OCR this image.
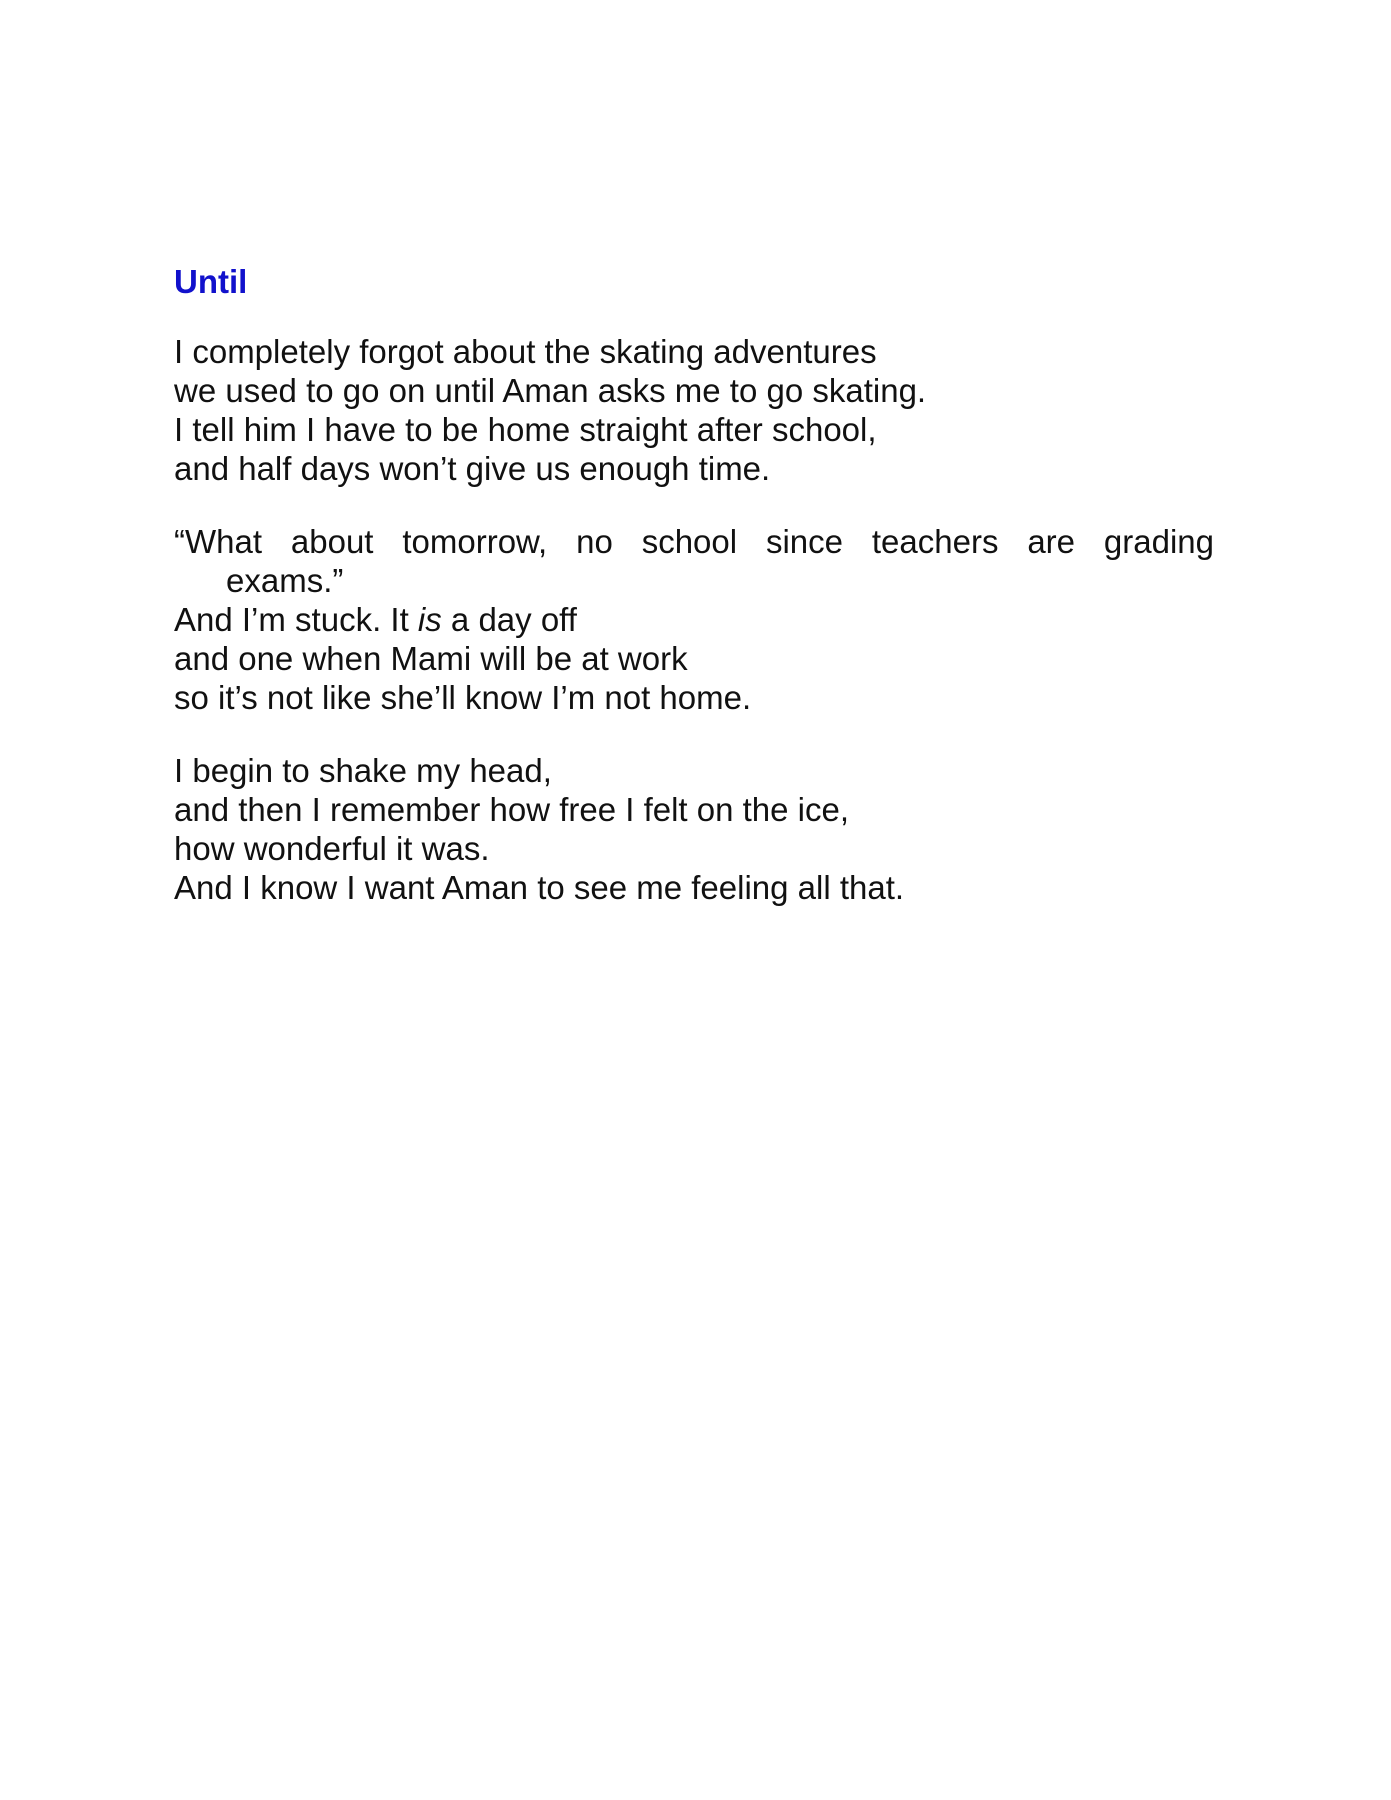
Until
I completely forgot about the skating adventures
we used to go on until Aman asks me to go skating.
I tell him I have to be home straight after school,
and half days won’t give us enough time.
“What about tomorrow, no school since teachers are grading
exams.”
And I’m stuck. It is a day off
and one when Mami will be at work
so it’s not like she’ll know I’m not home.
I begin to shake my head,
and then I remember how free I felt on the ice,
how wonderful it was.
And I know I want Aman to see me feeling all that.
